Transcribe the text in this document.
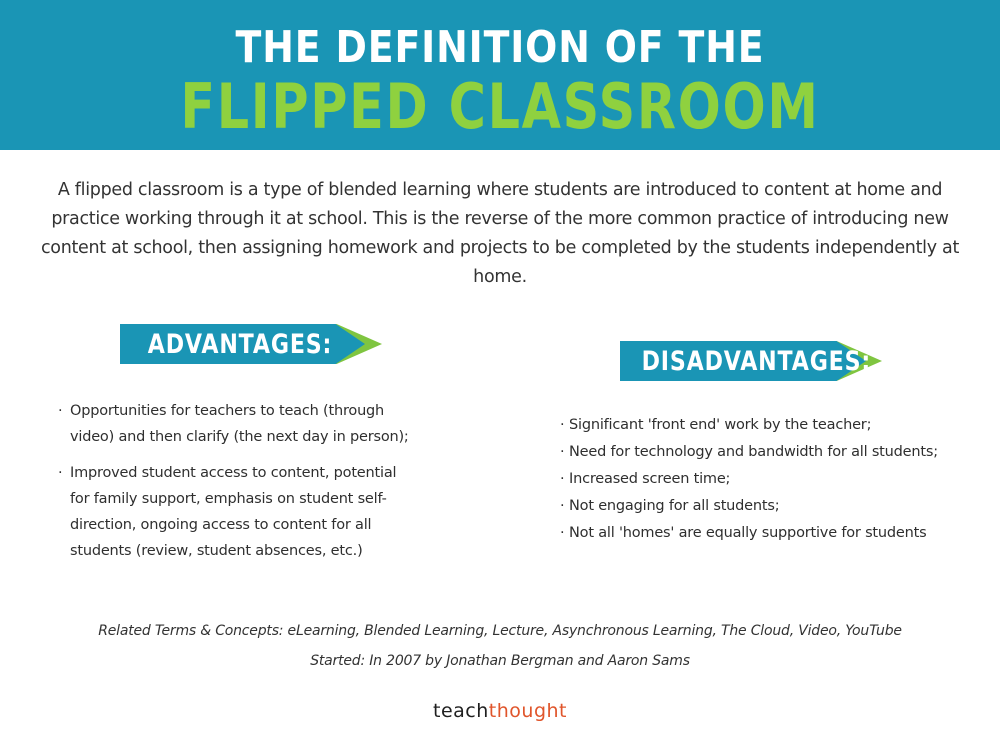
THE DEFINITION OF THE
FLIPPED CLASSROOM

A flipped classroom is a type of blended learning where students are introduced to content at home and practice working through it at school. This is the reverse of the more common practice of introducing new content at school, then assigning homework and projects to be completed by the students independently at home.

ADVANTAGES:
· Opportunities for teachers to teach (through video) and then clarify (the next day in person);
· Improved student access to content, potential for family support, emphasis on student self-direction, ongoing access to content for all students (review, student absences, etc.)
DISADVANTAGES:
· Significant 'front end' work by the teacher;
· Need for technology and bandwidth for all students;
· Increased screen time;
· Not engaging for all students;
· Not all 'homes' are equally supportive for students

Related Terms & Concepts: eLearning, Blended Learning, Lecture, Asynchronous Learning, The Cloud, Video, YouTube

Started: In 2007 by Jonathan Bergman and Aaron Sams

teachthought
